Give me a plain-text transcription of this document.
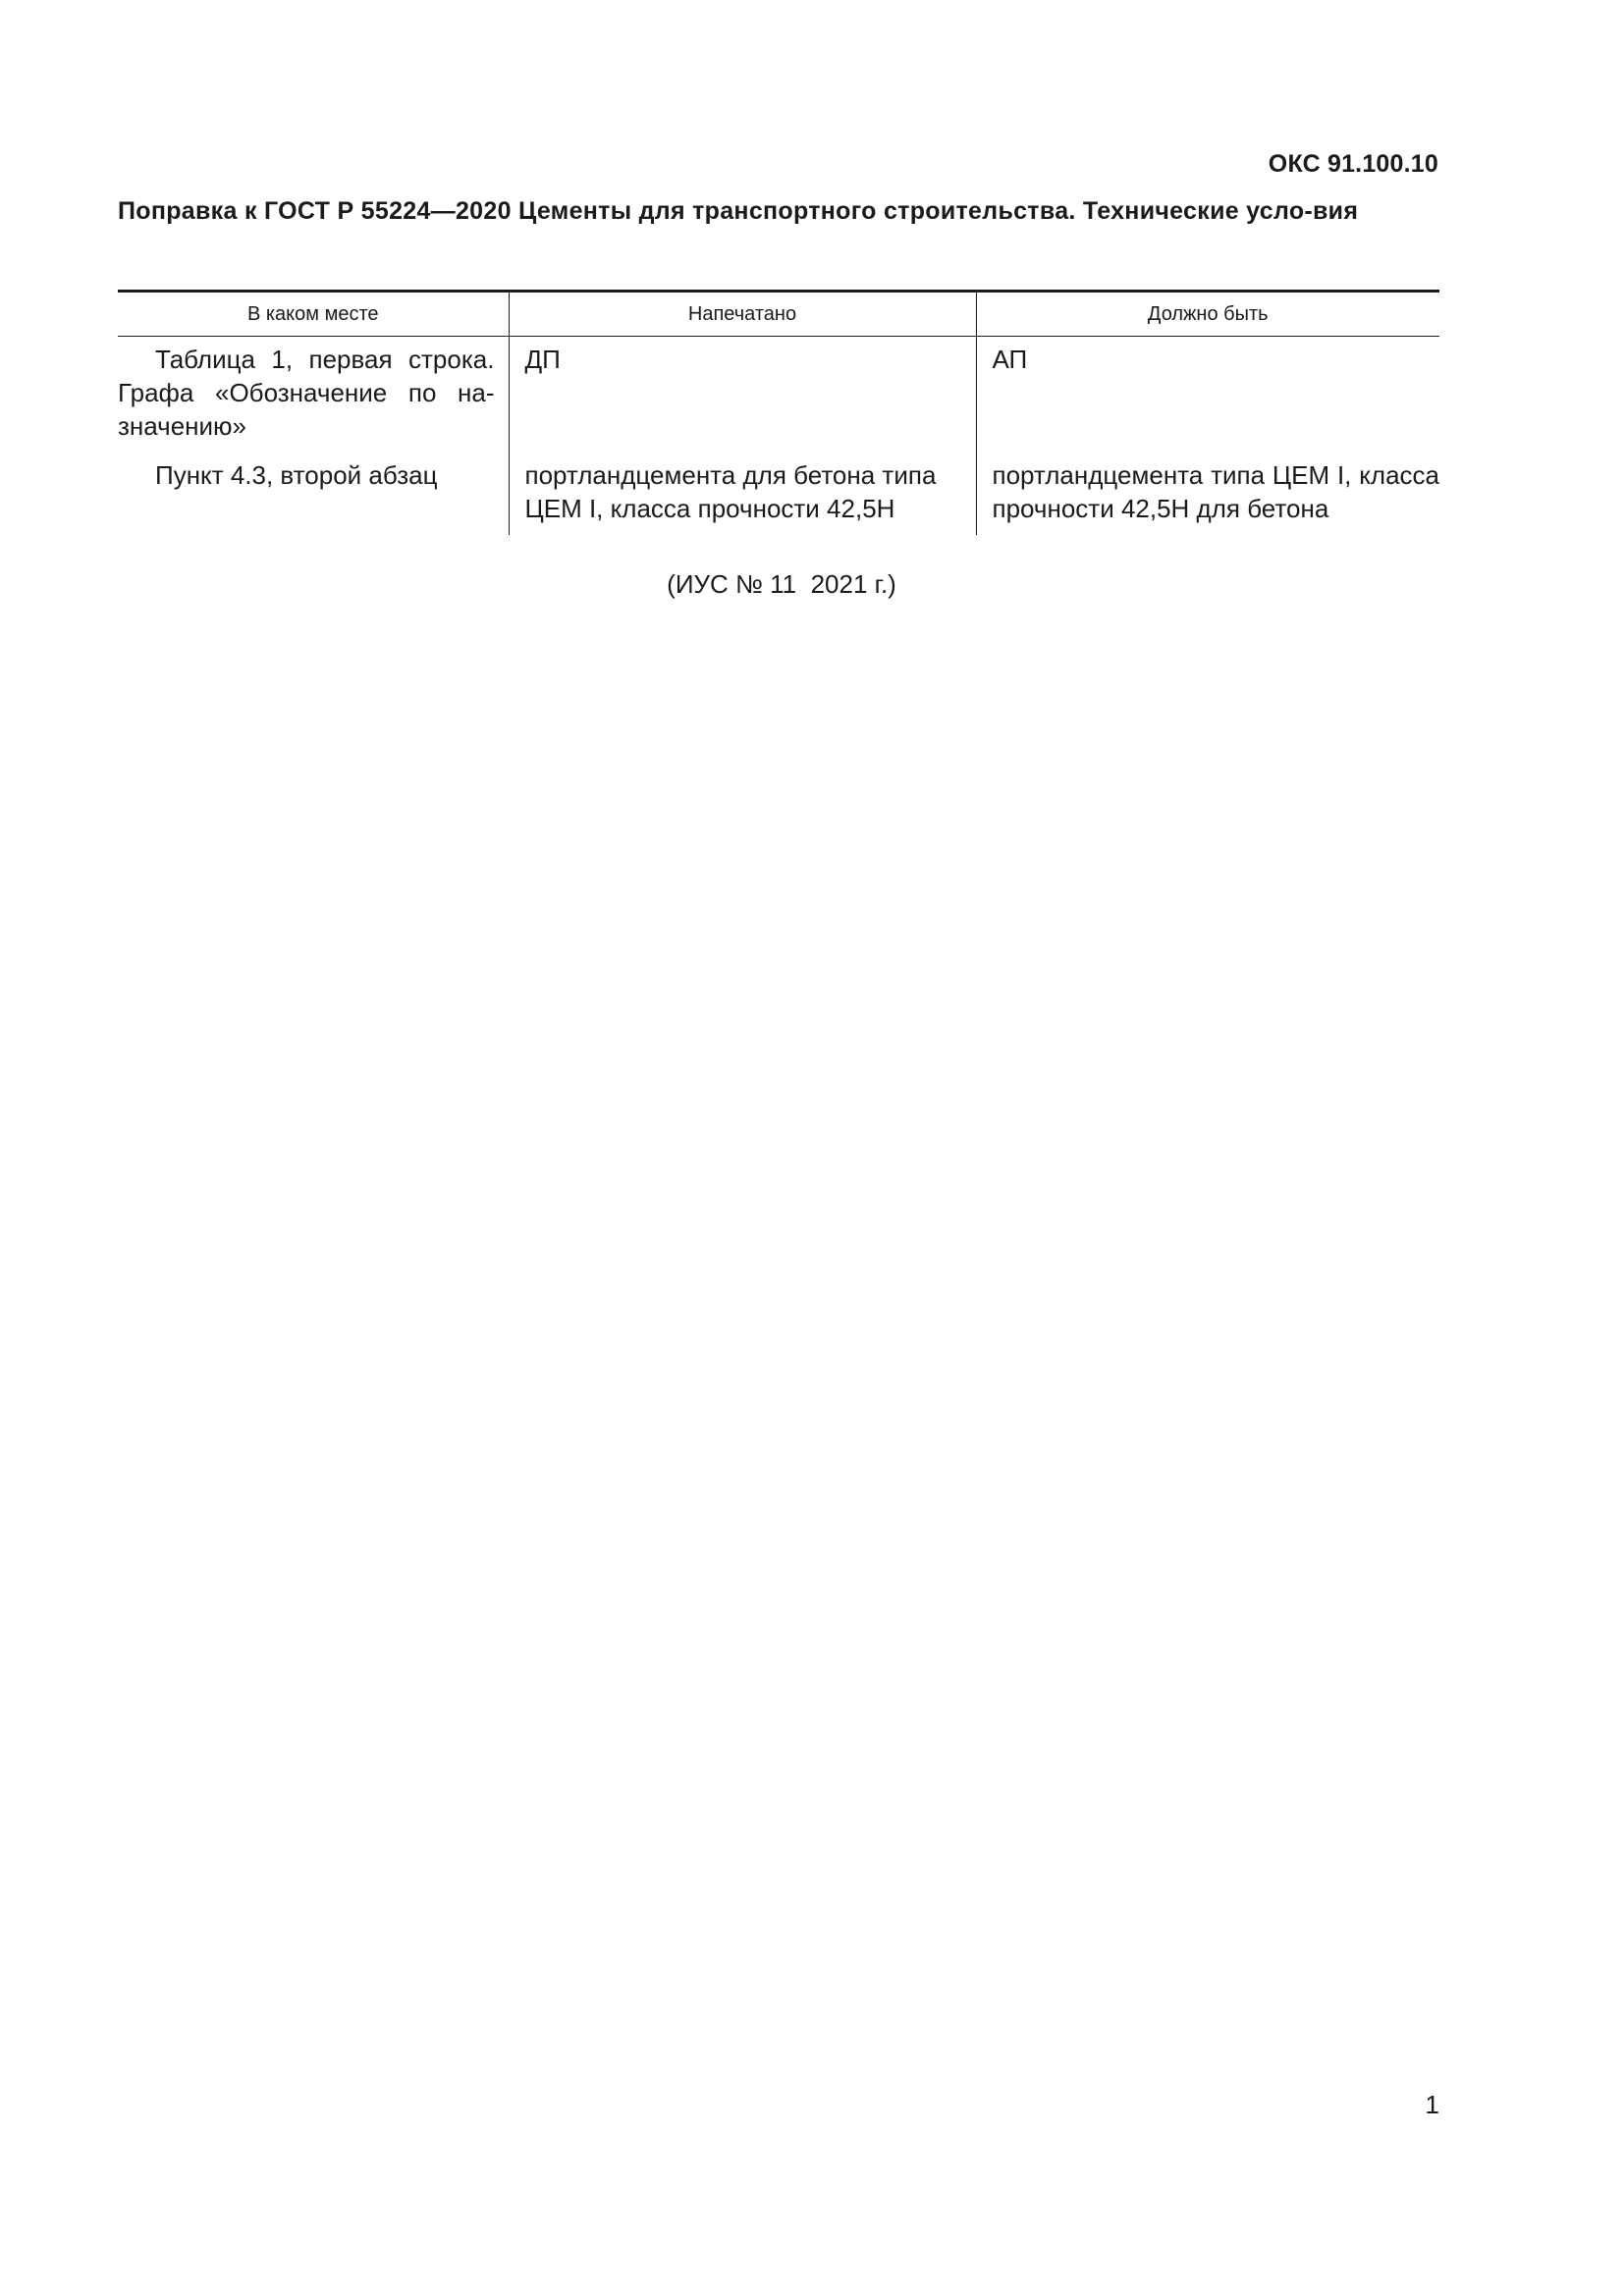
ОКС 91.100.10
Поправка к ГОСТ Р 55224—2020 Цементы для транспортного строительства. Технические усло-вия
В каком месте	Напечатано	Должно быть
Таблица 1, первая строка. Графа «Обозначение по на-значению»	ДП	АП
Пункт 4.3, второй абзац	портландцемента для бетона типа ЦЕМ I, класса прочности 42,5Н	портландцемента типа ЦЕМ I, класса прочности 42,5Н для бетона
(ИУС № 11  2021 г.)
1
